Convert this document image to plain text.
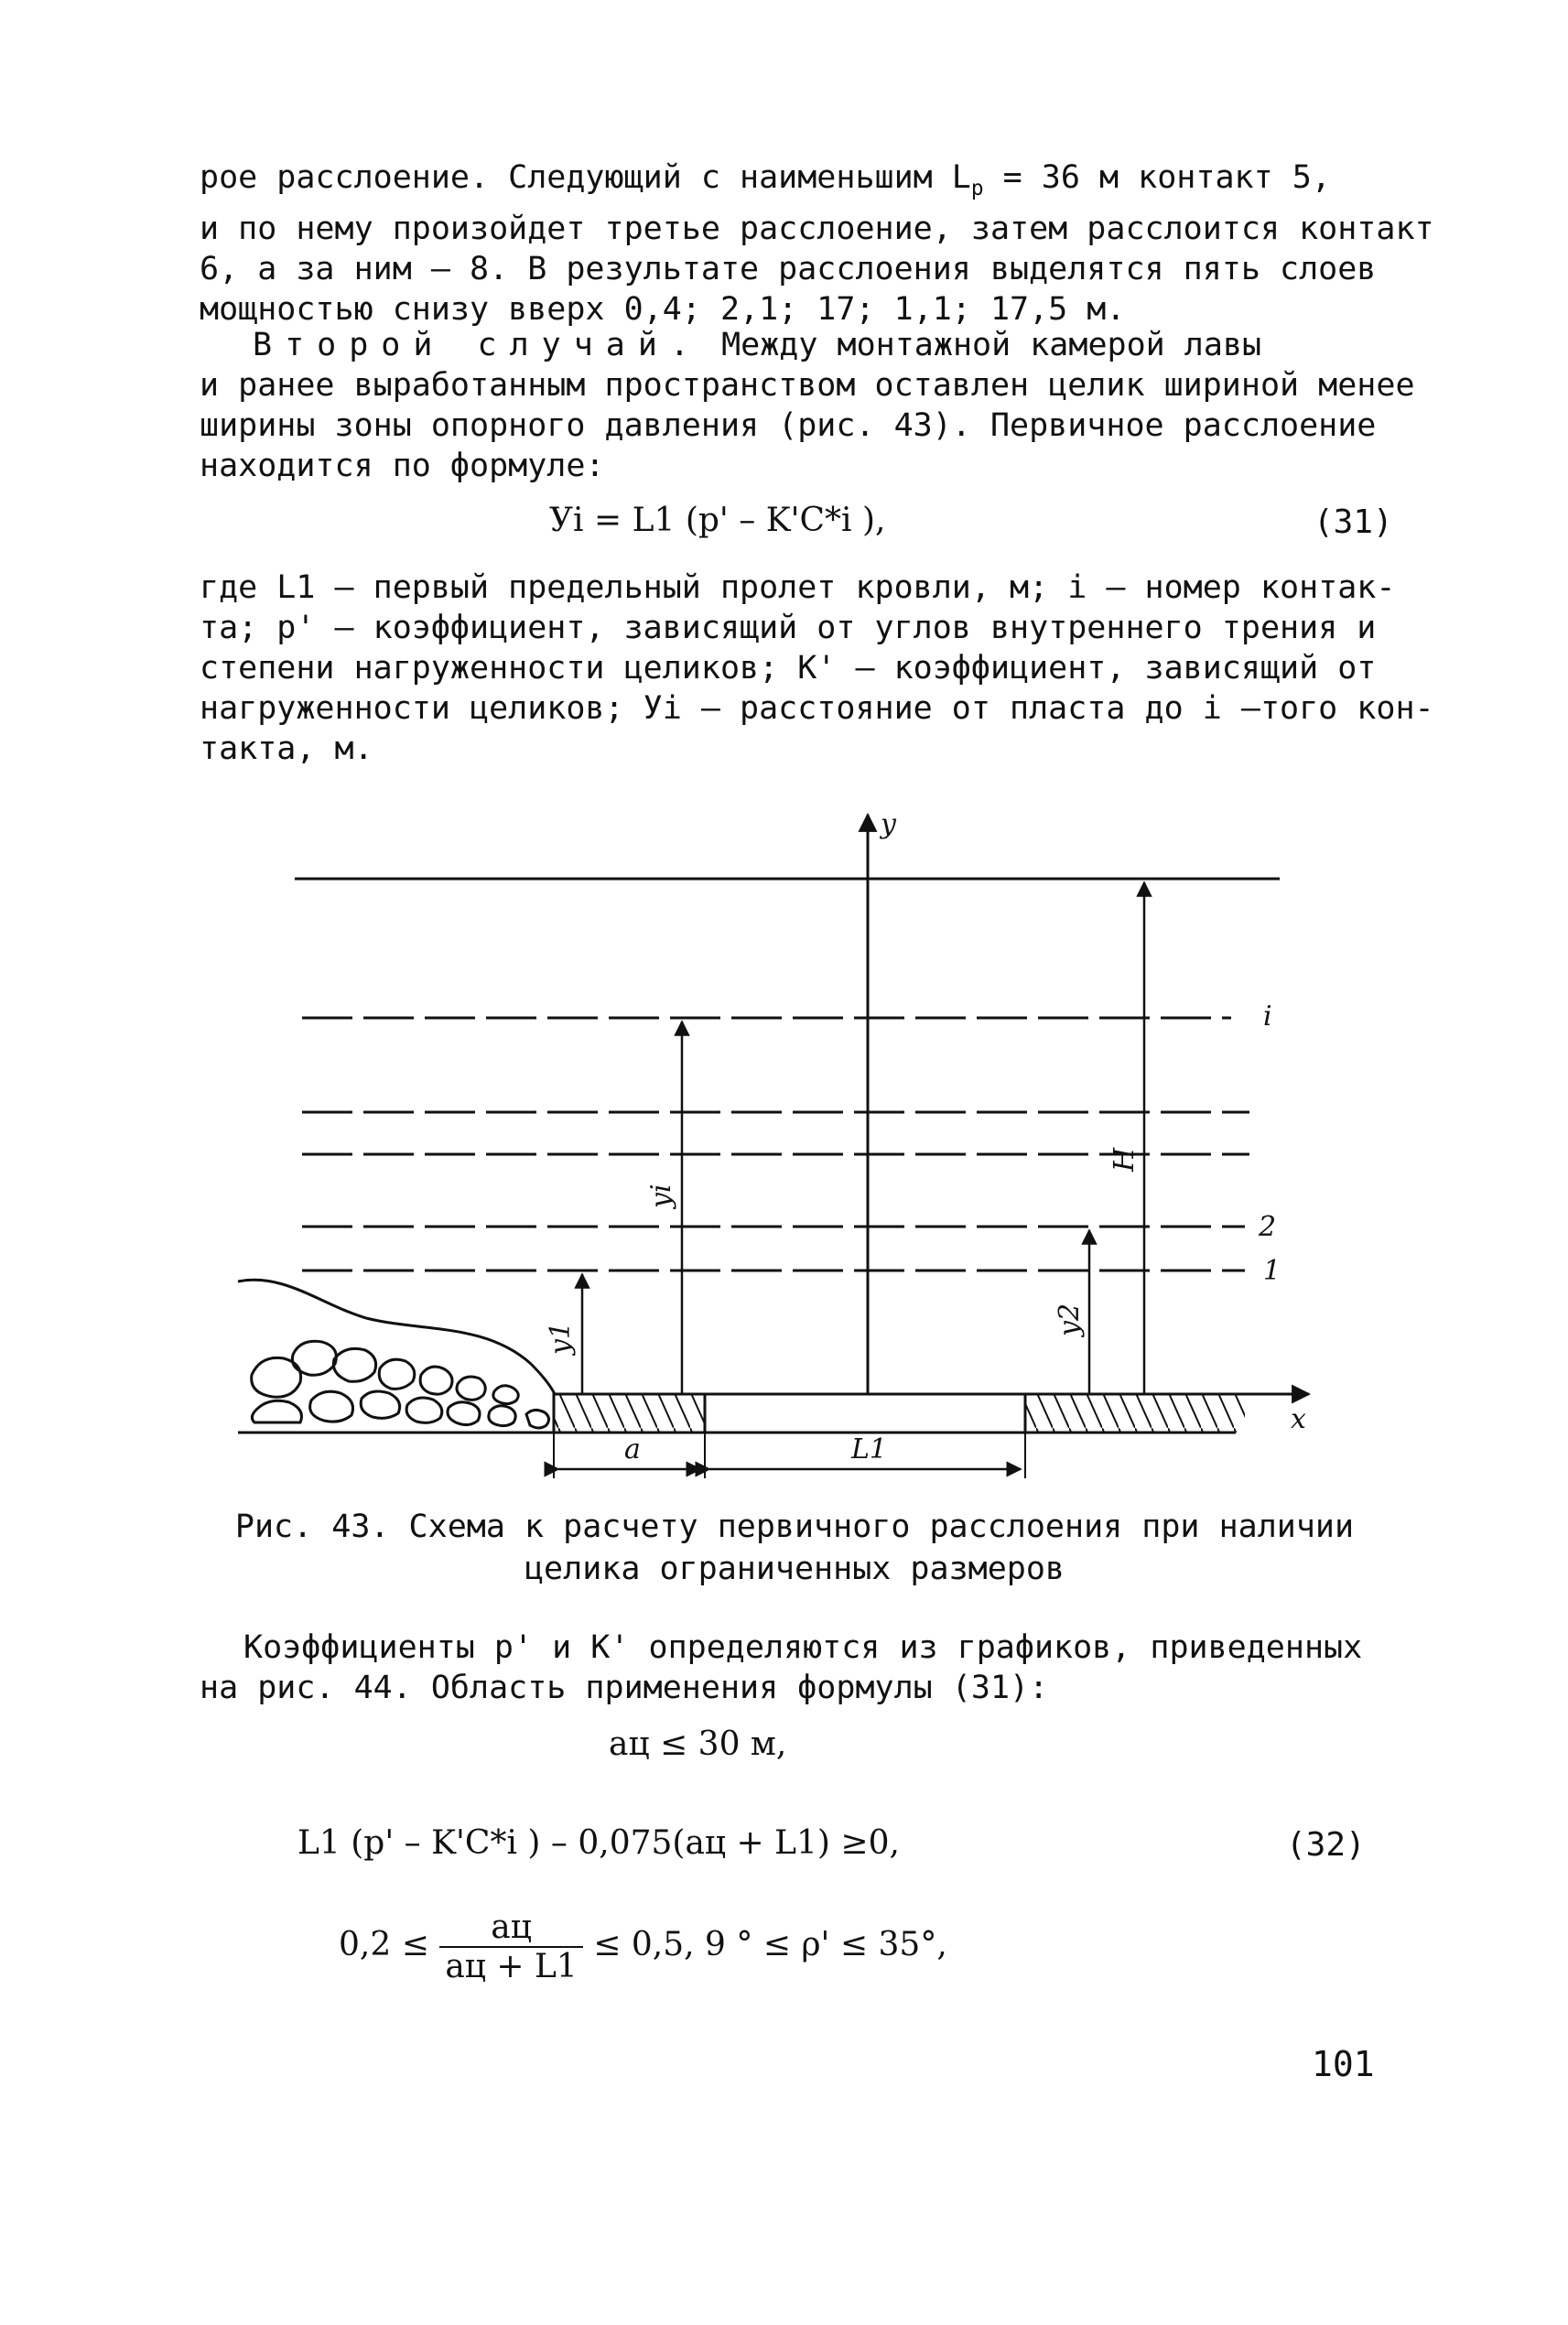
рое расслоение. Следующий с наименьшим $L_р = 36$ м контакт 5,
и по нему произойдет третье расслоение, затем расслоится контакт
6, а за ним – 8. В результате расслоения выделятся пять слоев
мощностью снизу вверх 0,4; 2,1; 17; 1,1; 17,5 м.
Второй случай. Между монтажной камерой лавы
и ранее выработанным пространством оставлен целик шириной менее
ширины зоны опорного давления (рис. 43). Первичное расслоение
находится по формуле:
Уi = L1 (p' – K'C*i ),	(31)
где L1 – первый предельный пролет кровли, м; i – номер контак-
та; p' – коэффициент, зависящий от углов внутреннего трения и
степени нагруженности целиков; K' – коэффициент, зависящий от
нагруженности целиков; Уi – расстояние от пласта до i –того кон-
такта, м.
y
x
i
2
1
yi
y1
y2
H
a	L1
Рис. 43. Схема к расчету первичного расслоения при наличии
целика ограниченных размеров
Коэффициенты р' и K' определяются из графиков, приведенных
на рис. 44. Область применения формулы (31):
aц ≤ 30 м,
L1 (p' – K'C*i ) – 0,075(aц + L1) ≥0,	(32)
$0,2 \le \frac{aц}{aц + L1} \le 0,5$, 9 ° ≤ ρ' ≤ 35°,
101
